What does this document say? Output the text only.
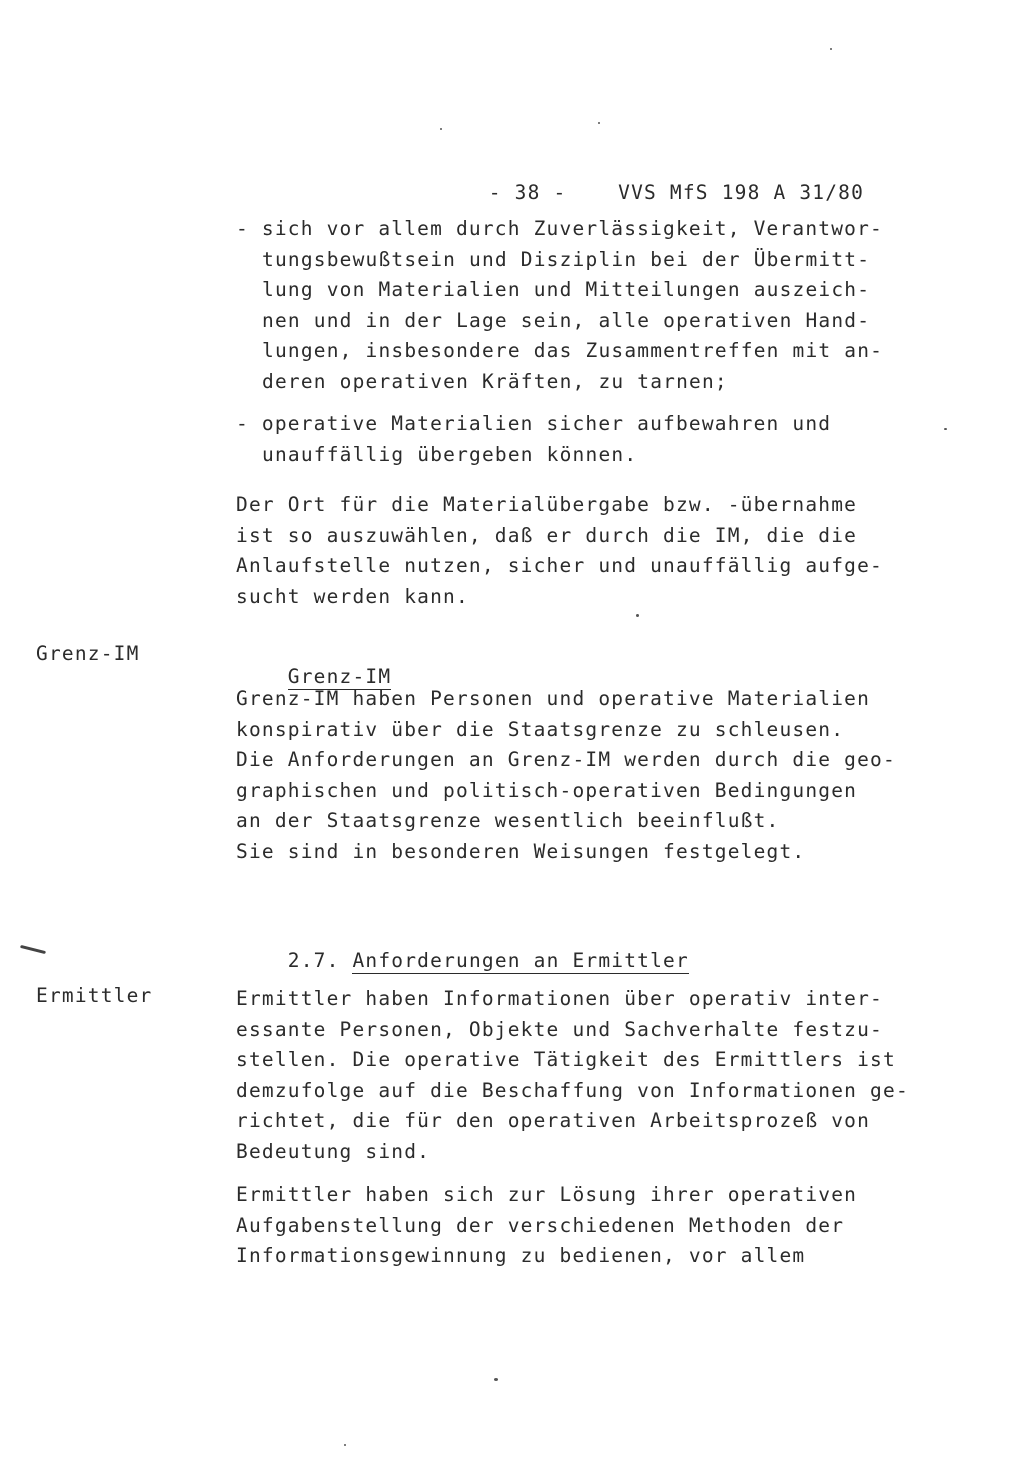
- 38 -	VVS MfS 198 A 31/80

- sich vor allem durch Zuverlässigkeit, Verantwor-
tungsbewußtsein und Disziplin bei der Übermitt-
lung von Materialien und Mitteilungen auszeich-
nen und in der Lage sein, alle operativen Hand-
lungen, insbesondere das Zusammentreffen mit an-
deren operativen Kräften, zu tarnen;
- operative Materialien sicher aufbewahren und
unauffällig übergeben können.
Der Ort für die Materialübergabe bzw. -übernahme
ist so auszuwählen, daß er durch die IM, die die
Anlaufstelle nutzen, sicher und unauffällig aufge-
sucht werden kann.
Grenz-IM

Grenz-IM

Grenz-IM haben Personen und operative Materialien
konspirativ über die Staatsgrenze zu schleusen.
Die Anforderungen an Grenz-IM werden durch die geo-
graphischen und politisch-operativen Bedingungen
an der Staatsgrenze wesentlich beeinflußt.
Sie sind in besonderen Weisungen festgelegt.

2.7. Anforderungen an Ermittler

Ermittler	Ermittler haben Informationen über operativ inter-
essante Personen, Objekte und Sachverhalte festzu-
stellen. Die operative Tätigkeit des Ermittlers ist
demzufolge auf die Beschaffung von Informationen ge-
richtet, die für den operativen Arbeitsprozeß von
Bedeutung sind.
Ermittler haben sich zur Lösung ihrer operativen
Aufgabenstellung der verschiedenen Methoden der
Informationsgewinnung zu bedienen, vor allem
